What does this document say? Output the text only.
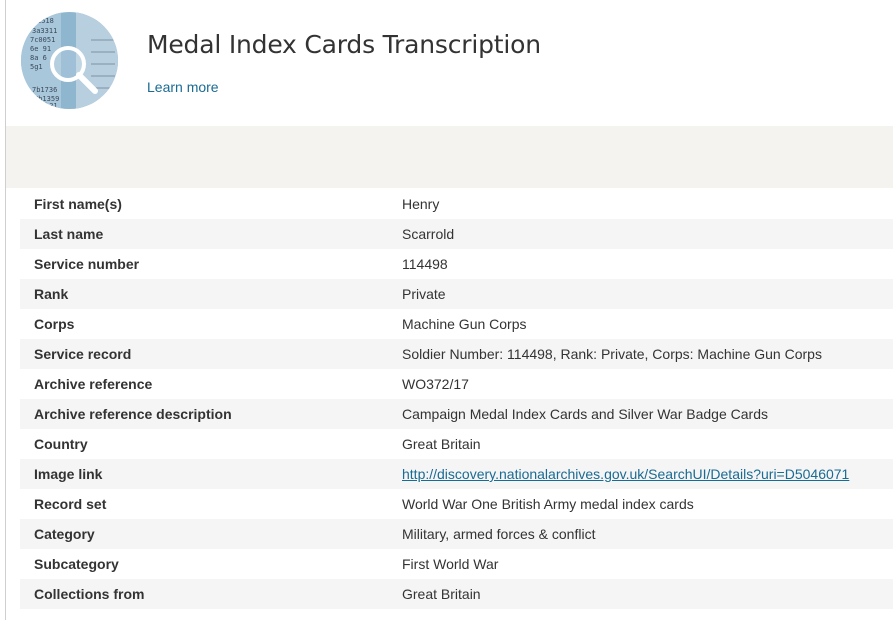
1518
3a3311
7c0051
6e 91
8a 6
5g1
7b1736
7b1359
b31
Medal Index Cards Transcription
Learn more
First name(s)	Henry
Last name	Scarrold
Service number	114498
Rank	Private
Corps	Machine Gun Corps
Service record	Soldier Number: 114498, Rank: Private, Corps: Machine Gun Corps
Archive reference	WO372/17
Archive reference description	Campaign Medal Index Cards and Silver War Badge Cards
Country	Great Britain
Image link	http://discovery.nationalarchives.gov.uk/SearchUI/Details?uri=D5046071
Record set	World War One British Army medal index cards
Category	Military, armed forces & conflict
Subcategory	First World War
Collections from	Great Britain
